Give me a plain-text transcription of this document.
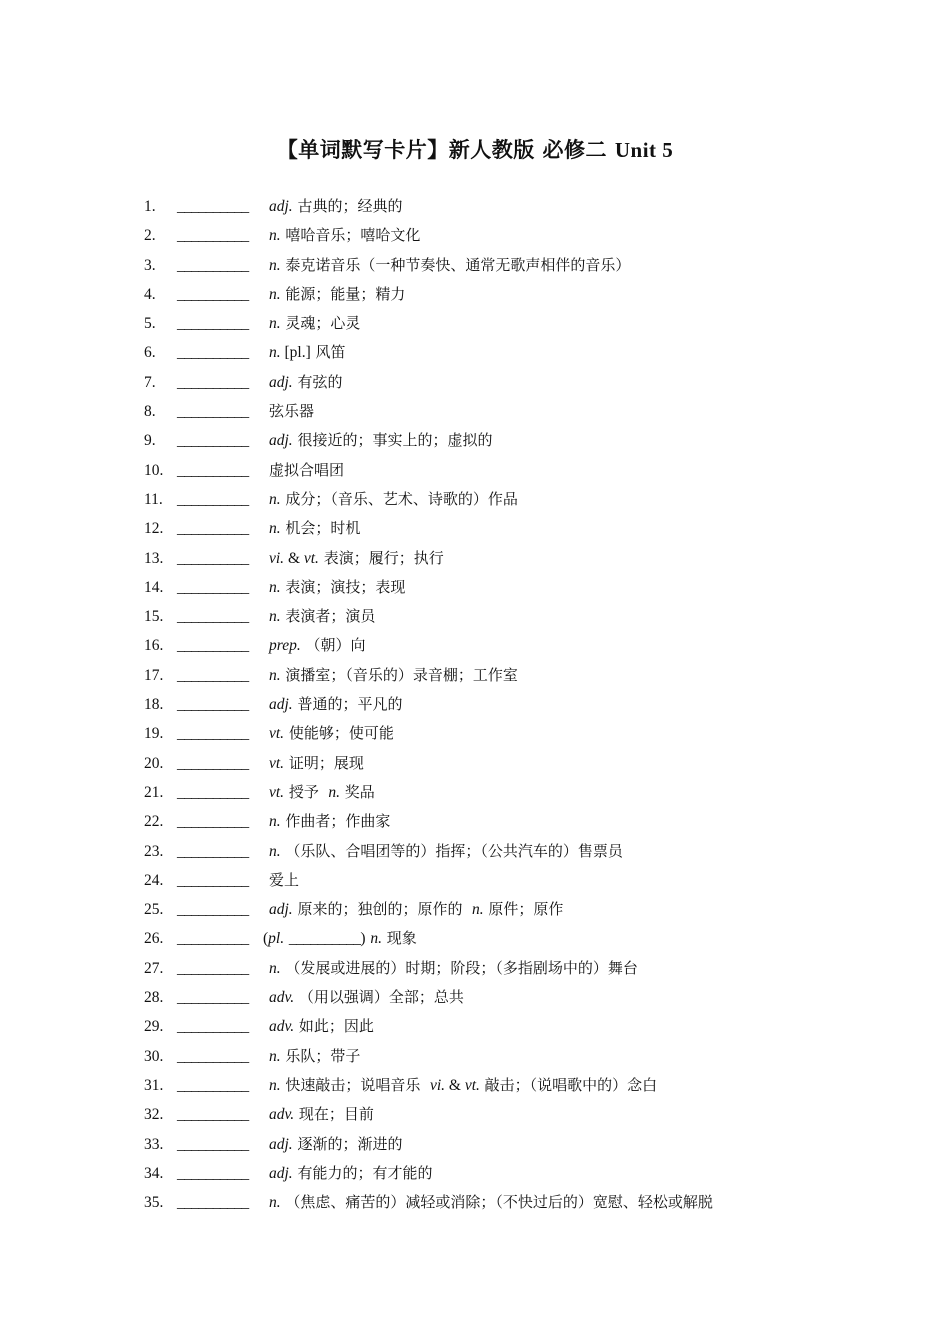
【单词默写卡片】新人教版 必修二 Unit 5
1. __________ adj. 古典的；经典的
2. __________ n. 嘻哈音乐；嘻哈文化
3. __________ n. 泰克诺音乐（一种节奏快、通常无歌声相伴的音乐）
4. __________ n. 能源；能量；精力
5. __________ n. 灵魂；心灵
6. __________ n. [pl.] 风笛
7. __________ adj. 有弦的
8. __________ 弦乐器
9. __________ adj. 很接近的；事实上的；虚拟的
10. __________ 虚拟合唱团
11. __________ n. 成分；（音乐、艺术、诗歌的）作品
12. __________ n. 机会；时机
13. __________ vi. & vt. 表演；履行；执行
14. __________ n. 表演；演技；表现
15. __________ n. 表演者；演员
16. __________ prep. （朝）向
17. __________ n. 演播室；（音乐的）录音棚；工作室
18. __________ adj. 普通的；平凡的
19. __________ vt. 使能够；使可能
20. __________ vt. 证明；展现
21. __________ vt. 授予  n. 奖品
22. __________ n. 作曲者；作曲家
23. __________ n. （乐队、合唱团等的）指挥；（公共汽车的）售票员
24. __________ 爱上
25. __________ adj. 原来的；独创的；原作的  n. 原件；原作
26. __________ (pl. __________) n. 现象
27. __________ n. （发展或进展的）时期；阶段；（多指剧场中的）舞台
28. __________ adv. （用以强调）全部；总共
29. __________ adv. 如此；因此
30. __________ n. 乐队；带子
31. __________ n. 快速敲击；说唱音乐  vi. & vt. 敲击；（说唱歌中的）念白
32. __________ adv. 现在；目前
33. __________ adj. 逐渐的；渐进的
34. __________ adj. 有能力的；有才能的
35. __________ n. （焦虑、痛苦的）减轻或消除；（不快过后的）宽慰、轻松或解脱
